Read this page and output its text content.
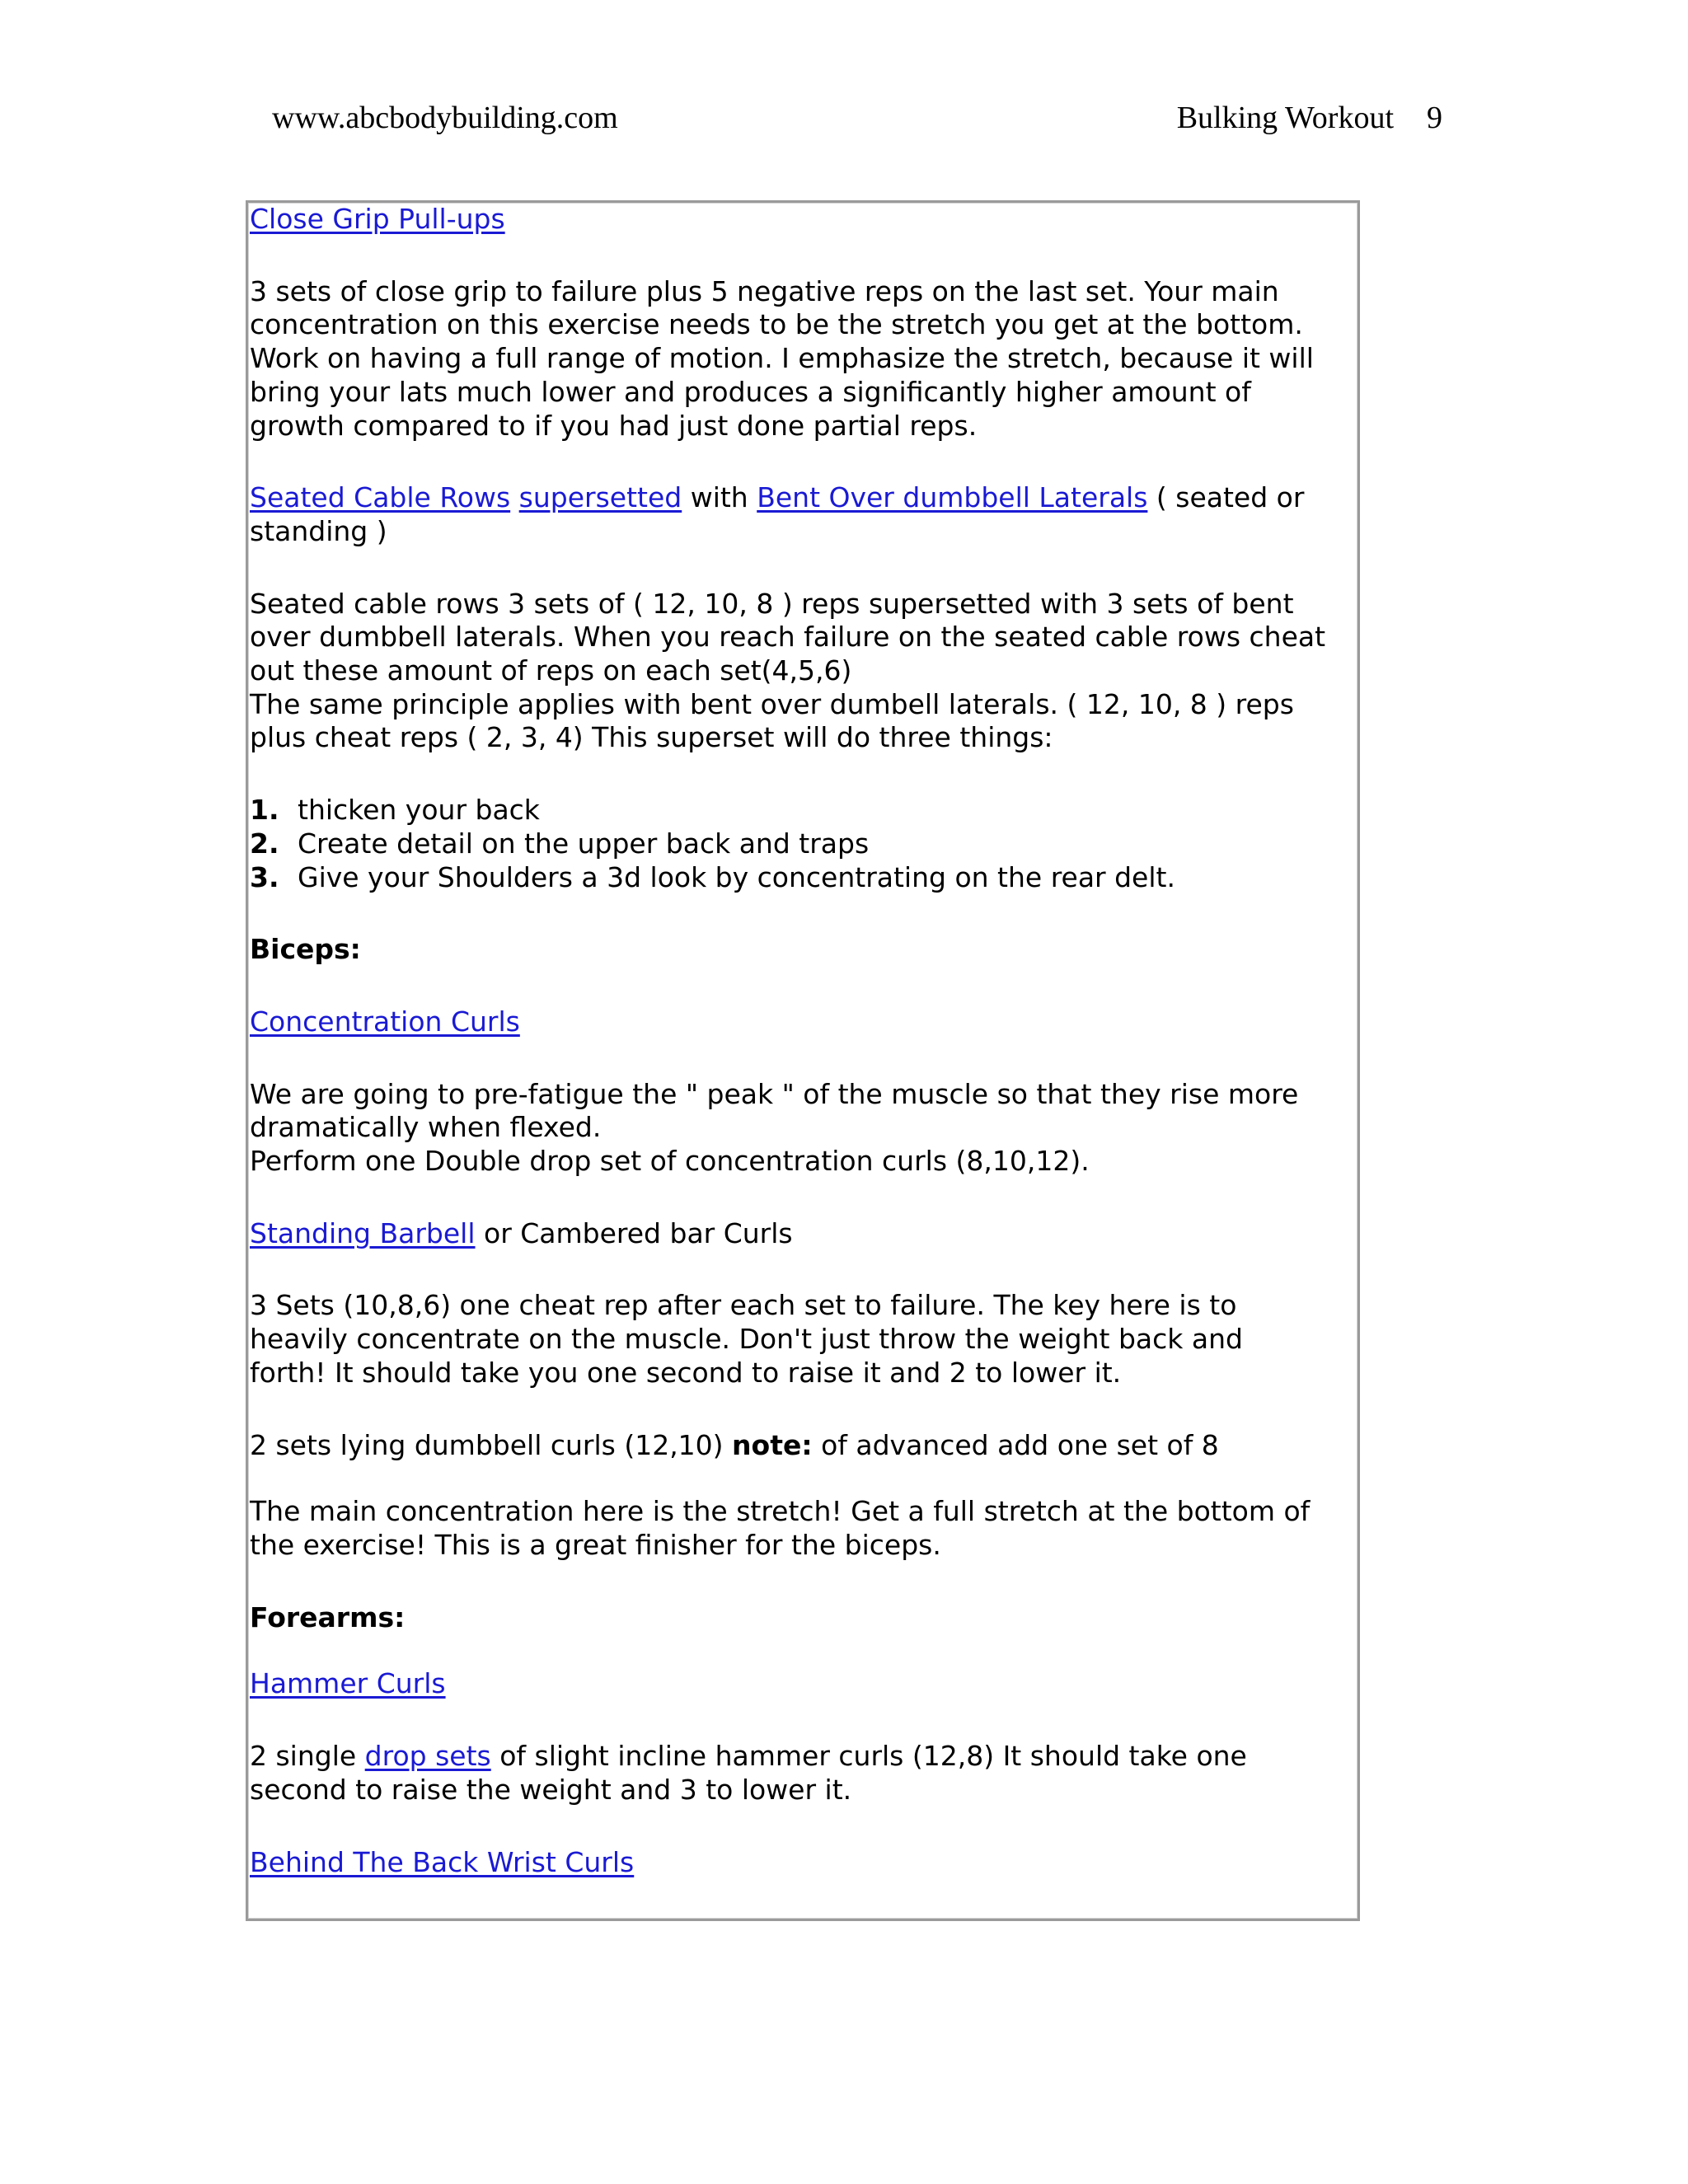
www.abcbodybuilding.com	Bulking Workout 9

Close Grip Pull-ups

3 sets of close grip to failure plus 5 negative reps on the last set. Your main

concentration on this exercise needs to be the stretch you get at the bottom.

Work on having a full range of motion. I emphasize the stretch, because it will

bring your lats much lower and produces a significantly higher amount of

growth compared to if you had just done partial reps.

Seated Cable Rows supersetted with Bent Over dumbbell Laterals ( seated or

standing )

Seated cable rows 3 sets of ( 12, 10, 8 ) reps supersetted with 3 sets of bent

over dumbbell laterals. When you reach failure on the seated cable rows cheat

out these amount of reps on each set(4,5,6)

The same principle applies with bent over dumbell laterals. ( 12, 10, 8 ) reps

plus cheat reps ( 2, 3, 4) This superset will do three things:

1. thicken your back

2. Create detail on the upper back and traps

3. Give your Shoulders a 3d look by concentrating on the rear delt.

Biceps:

Concentration Curls

We are going to pre-fatigue the " peak " of the muscle so that they rise more

dramatically when flexed.

Perform one Double drop set of concentration curls (8,10,12).

Standing Barbell or Cambered bar Curls

3 Sets (10,8,6) one cheat rep after each set to failure. The key here is to

heavily concentrate on the muscle. Don't just throw the weight back and

forth! It should take you one second to raise it and 2 to lower it.

2 sets lying dumbbell curls (12,10) note: of advanced add one set of 8

The main concentration here is the stretch! Get a full stretch at the bottom of

the exercise! This is a great finisher for the biceps.

Forearms:

Hammer Curls

2 single drop sets of slight incline hammer curls (12,8) It should take one

second to raise the weight and 3 to lower it.

Behind The Back Wrist Curls
